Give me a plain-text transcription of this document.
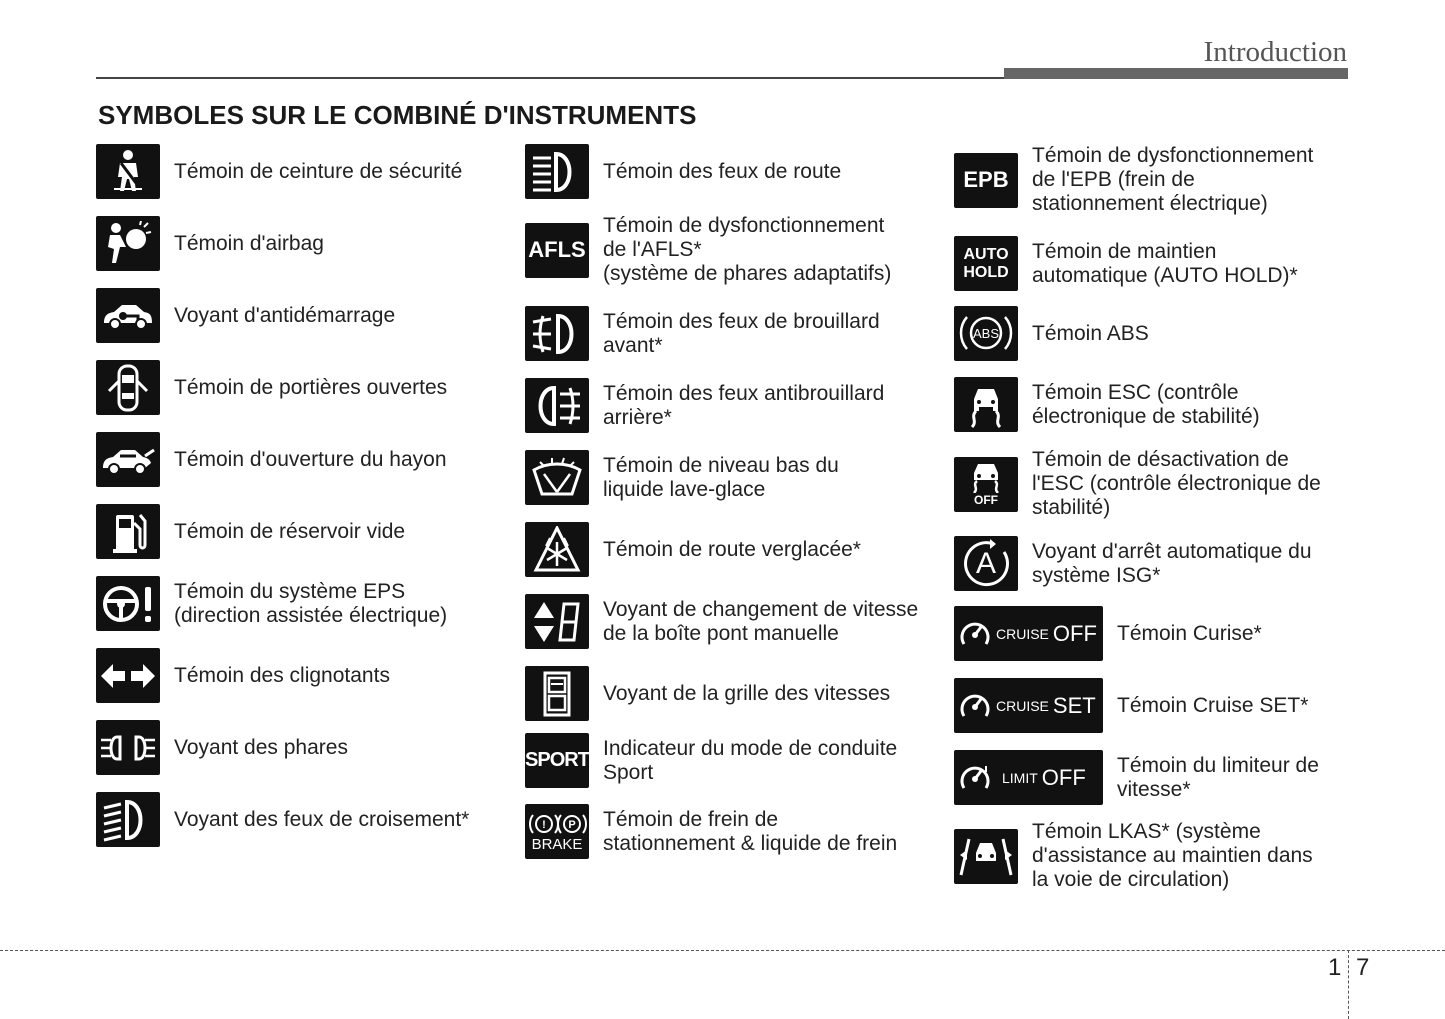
Introduction
SYMBOLES SUR LE COMBINÉ D'INSTRUMENTS
Témoin de ceinture de sécurité
Témoin d'airbag
Voyant d'antidémarrage
Témoin de portières ouvertes
Témoin d'ouverture du hayon
Témoin de réservoir vide
Témoin du système EPS
(direction assistée électrique)
Témoin des clignotants
Voyant des phares
Voyant des feux de croisement*
Témoin des feux de route
AFLS
Témoin de dysfonctionnement
de l'AFLS*
(système de phares adaptatifs)
Témoin des feux de brouillard
avant*
Témoin des feux antibrouillard
arrière*
Témoin de niveau bas du
liquide lave-glace
Témoin de route verglacée*
Voyant de changement de vitesse
de la boîte pont manuelle
Voyant de la grille des vitesses
SPORT
Indicateur du mode de conduite
Sport
! P
BRAKE
Témoin de frein de
stationnement & liquide de frein
EPB
Témoin de dysfonctionnement
de l'EPB (frein de
stationnement électrique)
AUTO
HOLD
Témoin de maintien
automatique (AUTO HOLD)*
ABS Témoin ABS
Témoin ESC (contrôle
électronique de stabilité)
OFF
Témoin de désactivation de
l'ESC (contrôle électronique de
stabilité)
A Voyant d'arrêt automatique du
système ISG*
CRUISE OFF Témoin Curise*
CRUISE SET Témoin Cruise SET*
LIMIT OFF Témoin du limiteur de
vitesse*
Témoin LKAS* (système
d'assistance au maintien dans
la voie de circulation)
1 7
